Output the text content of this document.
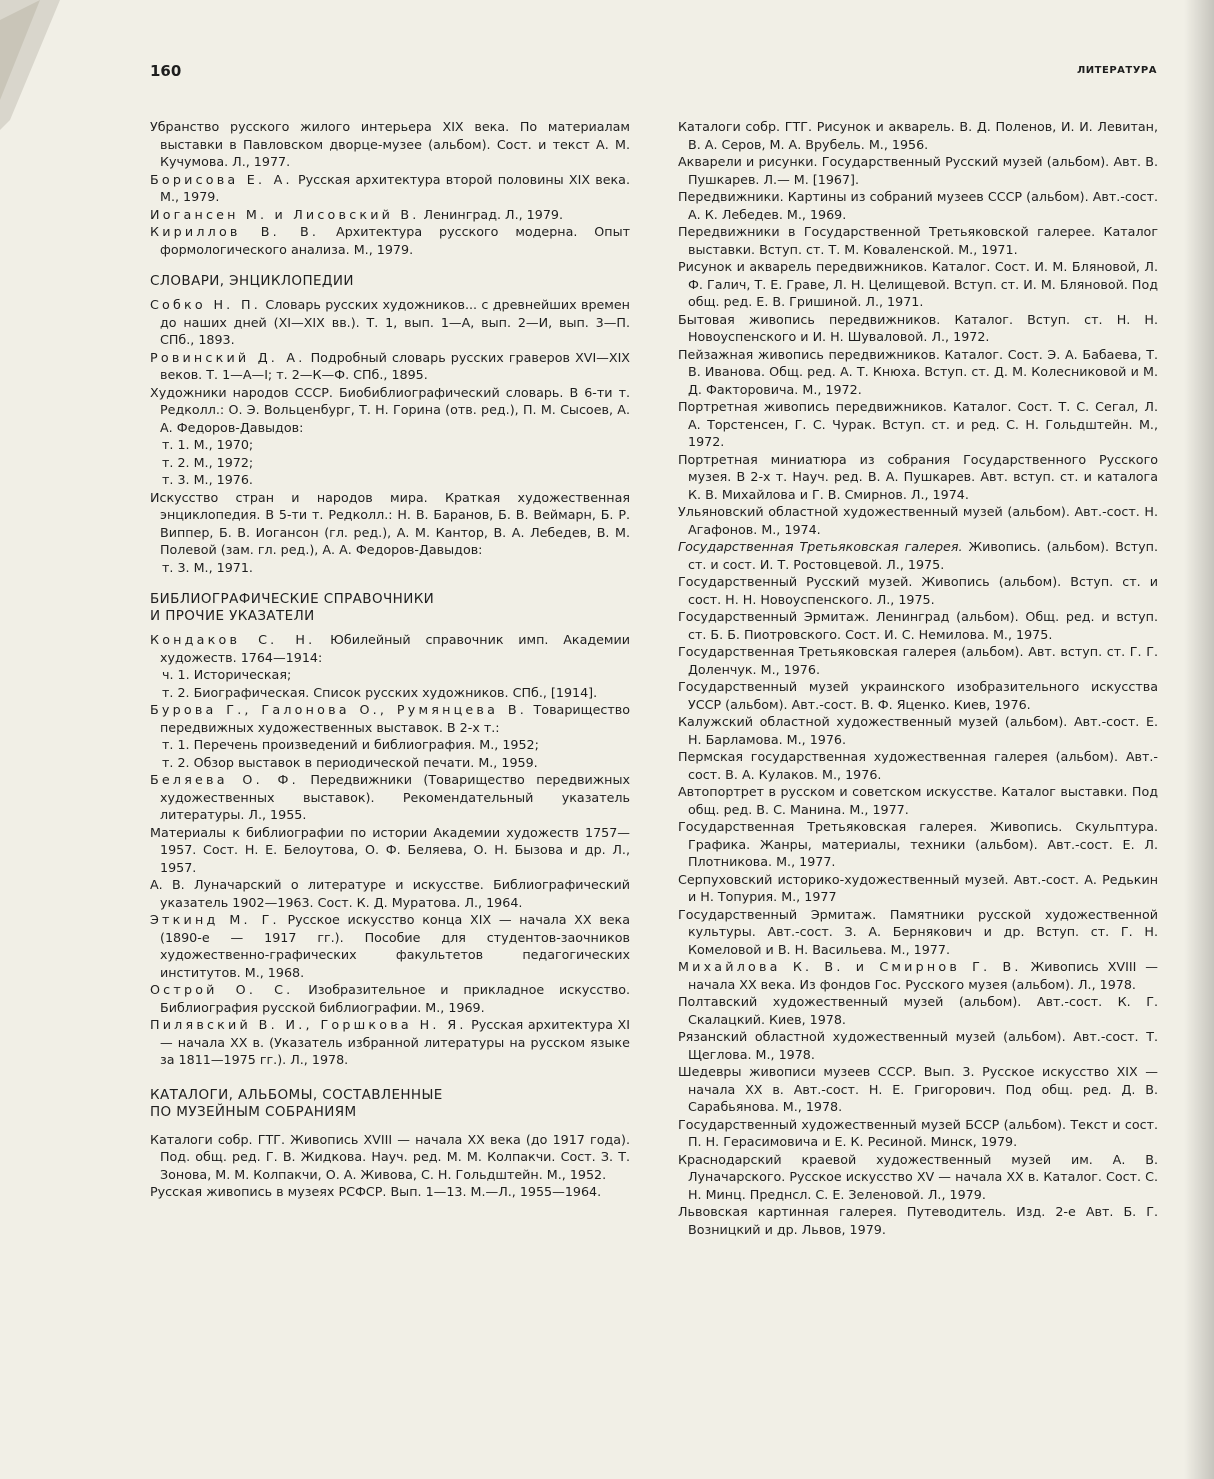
160	ЛИТЕРАТУРА

Убранство русского жилого интерьера XIX века. По материалам выставки в Павловском дворце-музее (альбом). Сост. и текст А. М. Кучумова. Л., 1977.

Борисова Е. А. Русская архитектура второй половины XIX века. М., 1979.

Иогансен М. и Лисовский В. Ленинград. Л., 1979.

Кириллов В. В. Архитектура русского модерна. Опыт формологического анализа. М., 1979.

СЛОВАРИ, ЭНЦИКЛОПЕДИИ

Собко Н. П. Словарь русских художников... с древнейших времен до наших дней (XI—XIX вв.). Т. 1, вып. 1—А, вып. 2—И, вып. 3—П. СПб., 1893.

Ровинский Д. А. Подробный словарь русских граверов XVI—XIX веков. Т. 1—А—I; т. 2—К—Ф. СПб., 1895.

Художники народов СССР. Биобиблиографический словарь. В 6-ти т. Редколл.: О. Э. Вольценбург, Т. Н. Горина (отв. ред.), П. М. Сысоев, А. А. Федоров-Давыдов:

т. 1. М., 1970;

т. 2. М., 1972;

т. 3. М., 1976.

Искусство стран и народов мира. Краткая художественная энциклопедия. В 5-ти т. Редколл.: Н. В. Баранов, Б. В. Веймарн, Б. Р. Виппер, Б. В. Иогансон (гл. ред.), А. М. Кантор, В. А. Лебедев, В. М. Полевой (зам. гл. ред.), А. А. Федоров-Давыдов:

т. 3. М., 1971.

БИБЛИОГРАФИЧЕСКИЕ СПРАВОЧНИКИ
И ПРОЧИЕ УКАЗАТЕЛИ

Кондаков С. Н. Юбилейный справочник имп. Академии художеств. 1764—1914:

ч. 1. Историческая;

т. 2. Биографическая. Список русских художников. СПб., [1914].

Бурова Г., Галонова О., Румянцева В. Товарищество передвижных художественных выставок. В 2-х т.:

т. 1. Перечень произведений и библиография. М., 1952;

т. 2. Обзор выставок в периодической печати. М., 1959.

Беляева О. Ф. Передвижники (Товарищество передвижных художественных выставок). Рекомендательный указатель литературы. Л., 1955.

Материалы к библиографии по истории Академии художеств 1757—1957. Сост. Н. Е. Белоутова, О. Ф. Беляева, О. Н. Бызова и др. Л., 1957.

А. В. Луначарский о литературе и искусстве. Библиографический указатель 1902—1963. Сост. К. Д. Муратова. Л., 1964.

Эткинд М. Г. Русское искусство конца XIX — начала XX века (1890-е — 1917 гг.). Пособие для студентов-заочников художественно-графических факультетов педагогических институтов. М., 1968.

Острой О. С. Изобразительное и прикладное искусство. Библиография русской библиографии. М., 1969.

Пилявский В. И., Горшкова Н. Я. Русская архитектура XI — начала XX в. (Указатель избранной литературы на русском языке за 1811—1975 гг.). Л., 1978.

КАТАЛОГИ, АЛЬБОМЫ, СОСТАВЛЕННЫЕ
ПО МУЗЕЙНЫМ СОБРАНИЯМ

Каталоги собр. ГТГ. Живопись XVIII — начала XX века (до 1917 года). Под. общ. ред. Г. В. Жидкова. Науч. ред. М. М. Колпакчи. Сост. З. Т. Зонова, М. М. Колпакчи, О. А. Живова, С. Н. Гольдштейн. М., 1952.

Русская живопись в музеях РСФСР. Вып. 1—13. М.—Л., 1955—1964.

Каталоги собр. ГТГ. Рисунок и акварель. В. Д. Поленов, И. И. Левитан, В. А. Серов, М. А. Врубель. М., 1956.

Акварели и рисунки. Государственный Русский музей (альбом). Авт. В. Пушкарев. Л.— М. [1967].

Передвижники. Картины из собраний музеев СССР (альбом). Авт.-сост. А. К. Лебедев. М., 1969.

Передвижники в Государственной Третьяковской галерее. Каталог выставки. Вступ. ст. Т. М. Коваленской. М., 1971.

Рисунок и акварель передвижников. Каталог. Сост. И. М. Бляновой, Л. Ф. Галич, Т. Е. Граве, Л. Н. Целищевой. Вступ. ст. И. М. Бляновой. Под общ. ред. Е. В. Гришиной. Л., 1971.

Бытовая живопись передвижников. Каталог. Вступ. ст. Н. Н. Новоуспенского и И. Н. Шуваловой. Л., 1972.

Пейзажная живопись передвижников. Каталог. Сост. Э. А. Бабаева, Т. В. Иванова. Общ. ред. А. Т. Кнюха. Вступ. ст. Д. М. Колесниковой и М. Д. Факторовича. М., 1972.

Портретная живопись передвижников. Каталог. Сост. Т. С. Сегал, Л. А. Торстенсен, Г. С. Чурак. Вступ. ст. и ред. С. Н. Гольдштейн. М., 1972.

Портретная миниатюра из собрания Государственного Русского музея. В 2-х т. Науч. ред. В. А. Пушкарев. Авт. вступ. ст. и каталога К. В. Михайлова и Г. В. Смирнов. Л., 1974.

Ульяновский областной художественный музей (альбом). Авт.-сост. Н. Агафонов. М., 1974.

Государственная Третьяковская галерея. Живопись. (альбом). Вступ. ст. и сост. И. Т. Ростовцевой. Л., 1975.

Государственный Русский музей. Живопись (альбом). Вступ. ст. и сост. Н. Н. Новоуспенского. Л., 1975.

Государственный Эрмитаж. Ленинград (альбом). Общ. ред. и вступ. ст. Б. Б. Пиотровского. Сост. И. С. Немилова. М., 1975.

Государственная Третьяковская галерея (альбом). Авт. вступ. ст. Г. Г. Доленчук. М., 1976.

Государственный музей украинского изобразительного искусства УССР (альбом). Авт.-сост. В. Ф. Яценко. Киев, 1976.

Калужский областной художественный музей (альбом). Авт.-сост. Е. Н. Барламова. М., 1976.

Пермская государственная художественная галерея (альбом). Авт.-сост. В. А. Кулаков. М., 1976.

Автопортрет в русском и советском искусстве. Каталог выставки. Под общ. ред. В. С. Манина. М., 1977.

Государственная Третьяковская галерея. Живопись. Скульптура. Графика. Жанры, материалы, техники (альбом). Авт.-сост. Е. Л. Плотникова. М., 1977.

Серпуховский историко-художественный музей. Авт.-сост. А. Редькин и Н. Топурия. М., 1977

Государственный Эрмитаж. Памятники русской художественной культуры. Авт.-сост. З. А. Бернякович и др. Вступ. ст. Г. Н. Комеловой и В. Н. Васильева. М., 1977.

Михайлова К. В. и Смирнов Г. В. Живопись XVIII — начала XX века. Из фондов Гос. Русского музея (альбом). Л., 1978.

Полтавский художественный музей (альбом). Авт.-сост. К. Г. Скалацкий. Киев, 1978.

Рязанский областной художественный музей (альбом). Авт.-сост. Т. Щеглова. М., 1978.

Шедевры живописи музеев СССР. Вып. 3. Русское искусство XIX — начала XX в. Авт.-сост. Н. Е. Григорович. Под общ. ред. Д. В. Сарабьянова. М., 1978.

Государственный художественный музей БССР (альбом). Текст и сост. П. Н. Герасимовича и Е. К. Ресиной. Минск, 1979.

Краснодарский краевой художественный музей им. А. В. Луначарского. Русское искусство XV — начала XX в. Каталог. Сост. С. Н. Минц. Преднсл. С. Е. Зеленовой. Л., 1979.

Львовская картинная галерея. Путеводитель. Изд. 2-е Авт. Б. Г. Возницкий и др. Львов, 1979.
